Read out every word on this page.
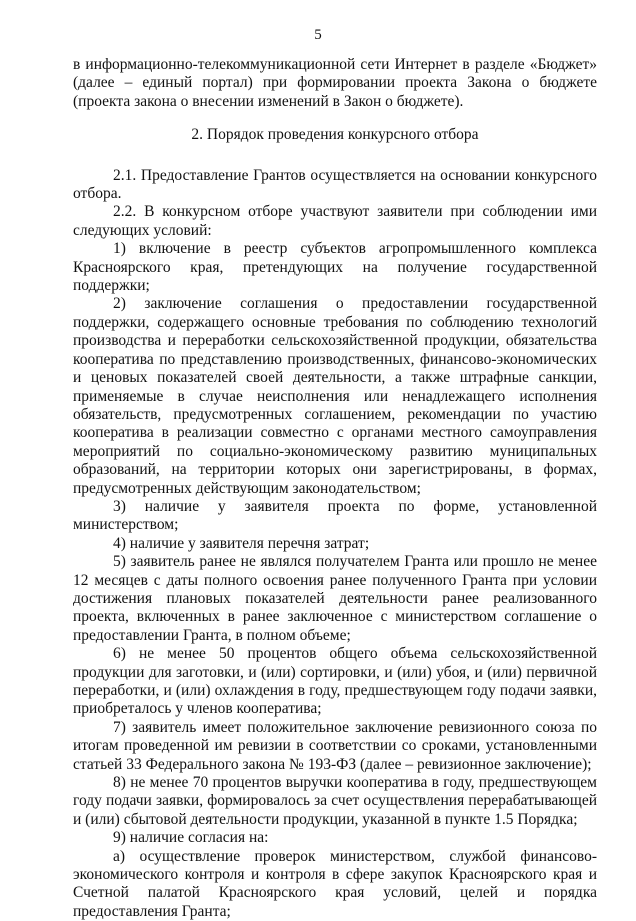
5

в информационно-телекоммуникационной сети Интернет в разделе «Бюджет» (далее – единый портал) при формировании проекта Закона о бюджете (проекта закона о внесении изменений в Закон о бюджете).

2. Порядок проведения конкурсного отбора

2.1. Предоставление Грантов осуществляется на основании конкурсного отбора.

2.2. В конкурсном отборе участвуют заявители при соблюдении ими следующих условий:

1) включение в реестр субъектов агропромышленного комплекса Красноярского края, претендующих на получение государственной поддержки;

2) заключение соглашения о предоставлении государственной поддержки, содержащего основные требования по соблюдению технологий производства и переработки сельскохозяйственной продукции, обязательства кооператива по представлению производственных, финансово-экономических и ценовых показателей своей деятельности, а также штрафные санкции, применяемые в случае неисполнения или ненадлежащего исполнения обязательств, предусмотренных соглашением, рекомендации по участию кооператива в реализации совместно с органами местного самоуправления мероприятий по социально-экономическому развитию муниципальных образований, на территории которых они зарегистрированы, в формах, предусмотренных действующим законодательством;

3) наличие у заявителя проекта по форме, установленной министерством;

4) наличие у заявителя перечня затрат;

5) заявитель ранее не являлся получателем Гранта или прошло не менее 12 месяцев с даты полного освоения ранее полученного Гранта при условии достижения плановых показателей деятельности ранее реализованного проекта, включенных в ранее заключенное с министерством соглашение о предоставлении Гранта, в полном объеме;

6) не менее 50 процентов общего объема сельскохозяйственной продукции для заготовки, и (или) сортировки, и (или) убоя, и (или) первичной переработки, и (или) охлаждения в году, предшествующем году подачи заявки, приобреталось у членов кооператива;

7) заявитель имеет положительное заключение ревизионного союза по итогам проведенной им ревизии в соответствии со сроками, установленными статьей 33 Федерального закона № 193-ФЗ (далее – ревизионное заключение);

8) не менее 70 процентов выручки кооператива в году, предшествующем году подачи заявки, формировалось за счет осуществления перерабатывающей и (или) сбытовой деятельности продукции, указанной в пункте 1.5 Порядка;

9) наличие согласия на:

а) осуществление проверок министерством, службой финансово-экономического контроля и контроля в сфере закупок Красноярского края и Счетной палатой Красноярского края условий, целей и порядка предоставления Гранта;
